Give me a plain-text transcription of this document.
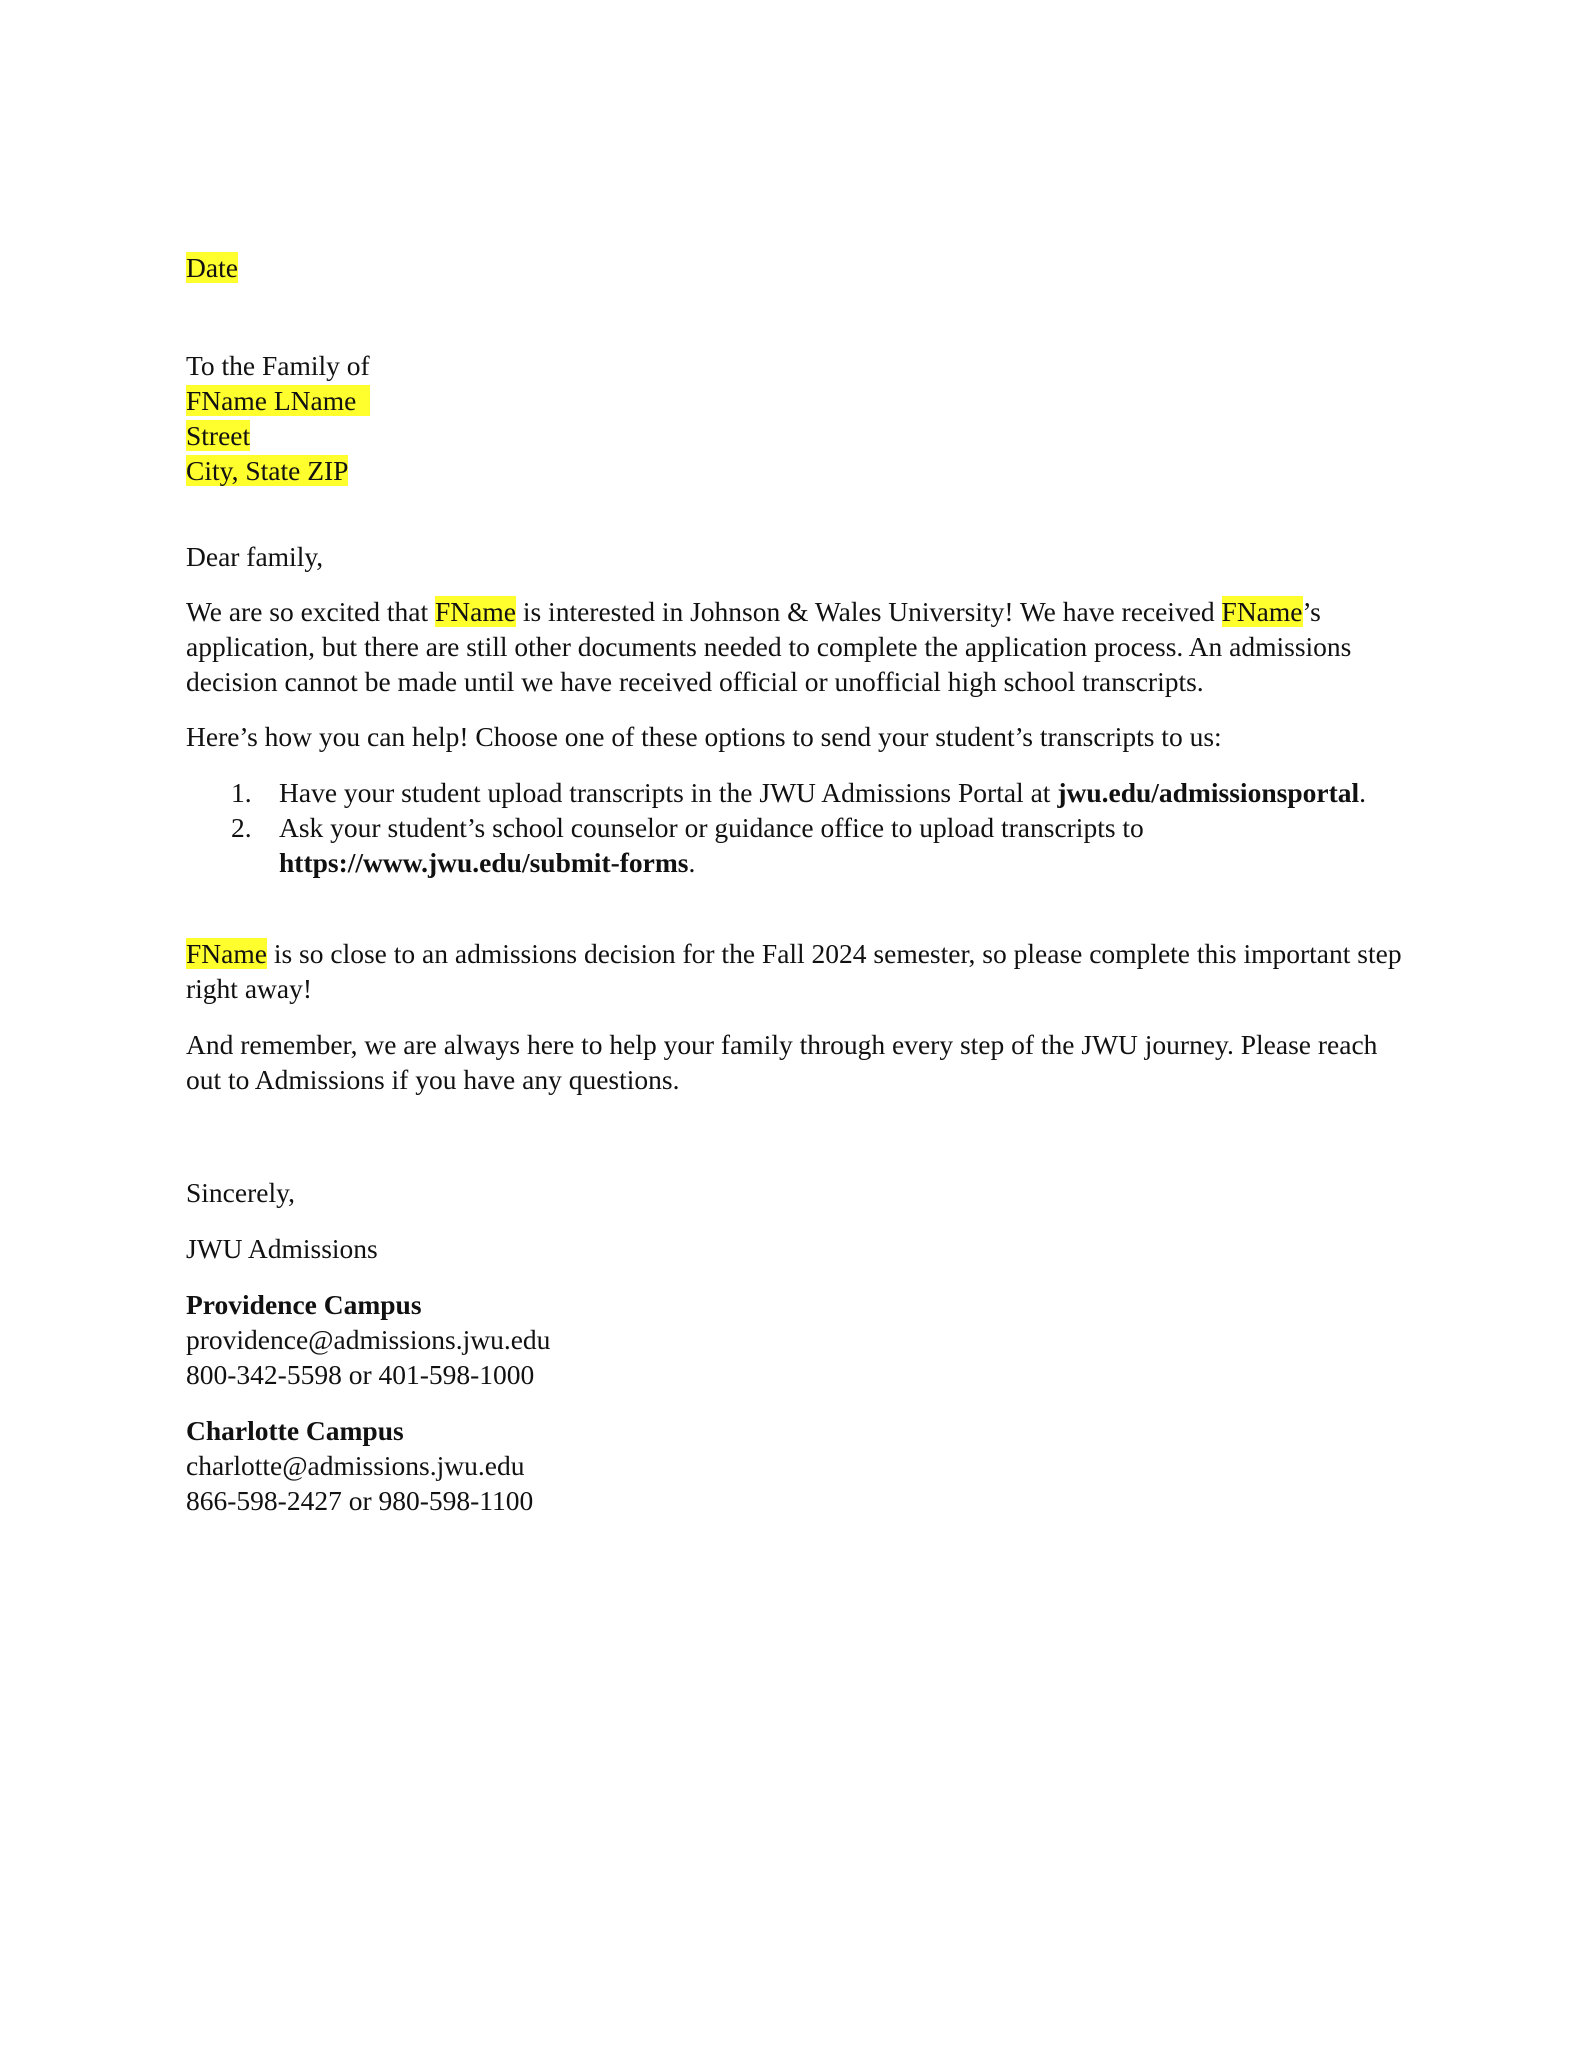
Date
To the Family of
FName LName
Street
City, State ZIP
Dear family,

We are so excited that FName is interested in Johnson & Wales University! We have received FName’s application, but there are still other documents needed to complete the application process. An admissions decision cannot be made until we have received official or unofficial high school transcripts.

Here’s how you can help! Choose one of these options to send your student’s transcripts to us:

1. Have your student upload transcripts in the JWU Admissions Portal at jwu.edu/admissionsportal.
2. Ask your student’s school counselor or guidance office to upload transcripts to https://www.jwu.edu/submit-forms.

FName is so close to an admissions decision for the Fall 2024 semester, so please complete this important step right away!

And remember, we are always here to help your family through every step of the JWU journey. Please reach out to Admissions if you have any questions.

Sincerely,
JWU Admissions
Providence Campus
providence@admissions.jwu.edu
800-342-5598 or 401-598-1000
Charlotte Campus
charlotte@admissions.jwu.edu
866-598-2427 or 980-598-1100
